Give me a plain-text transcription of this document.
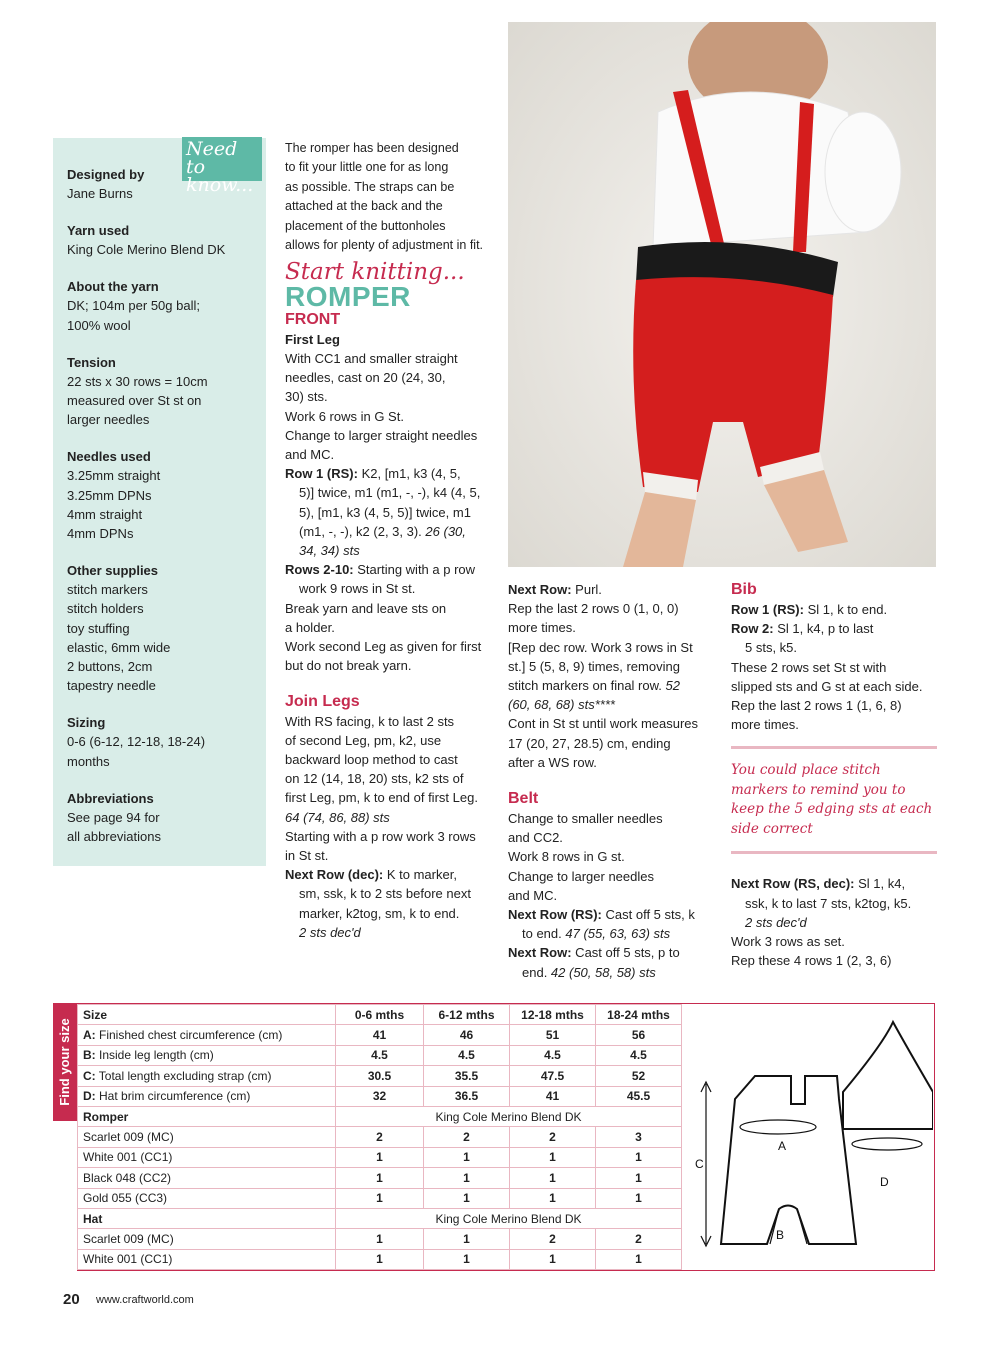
Designed by
Jane Burns
Yarn used
King Cole Merino Blend DK
About the yarn
DK; 104m per 50g ball;
100% wool
Tension
22 sts x 30 rows = 10cm
measured over St st on
larger needles
Needles used
3.25mm straight
3.25mm DPNs
4mm straight
4mm DPNs
Other supplies
stitch markers
stitch holders
toy stuffing
elastic, 6mm wide
2 buttons, 2cm
tapestry needle
Sizing
0-6 (6-12, 12-18, 18-24)
months
Abbreviations
See page 94 for
all abbreviations
Need to
know...
The romper has been designed
to fit your little one for as long
as possible. The straps can be
attached at the back and the
placement of the buttonholes
allows for plenty of adjustment in fit.
Start knitting...
ROMPER
FRONT
First Leg
With CC1 and smaller straight
needles, cast on 20 (24, 30,
30) sts.
Work 6 rows in G St.
Change to larger straight needles
and MC.
Row 1 (RS): K2, [m1, k3 (4, 5,
5)] twice, m1 (m1, -, -), k4 (4, 5,
5), [m1, k3 (4, 5, 5)] twice, m1
(m1, -, -), k2 (2, 3, 3). 26 (30,
34, 34) sts
Rows 2-10: Starting with a p row
work 9 rows in St st.
Break yarn and leave sts on
a holder.
Work second Leg as given for first
but do not break yarn.
Join Legs
With RS facing, k to last 2 sts
of second Leg, pm, k2, use
backward loop method to cast
on 12 (14, 18, 20) sts, k2 sts of
first Leg, pm, k to end of first Leg.
64 (74, 86, 88) sts
Starting with a p row work 3 rows
in St st.
Next Row (dec): K to marker,
sm, ssk, k to 2 sts before next
marker, k2tog, sm, k to end.
2 sts dec'd
Next Row: Purl.
Rep the last 2 rows 0 (1, 0, 0)
more times.
[Rep dec row. Work 3 rows in St
st.] 5 (5, 8, 9) times, removing
stitch markers on final row. 52
(60, 68, 68) sts****
Cont in St st until work measures
17 (20, 27, 28.5) cm, ending
after a WS row.
Belt
Change to smaller needles
and CC2.
Work 8 rows in G st.
Change to larger needles
and MC.
Next Row (RS): Cast off 5 sts, k
to end. 47 (55, 63, 63) sts
Next Row: Cast off 5 sts, p to
end. 42 (50, 58, 58) sts
Bib
Row 1 (RS): Sl 1, k to end.
Row 2: Sl 1, k4, p to last
5 sts, k5.
These 2 rows set St st with
slipped sts and G st at each side.
Rep the last 2 rows 1 (1, 6, 8)
more times.
You could place stitch
markers to remind you to
keep the 5 edging sts at each
side correct
Next Row (RS, dec): Sl 1, k4,
ssk, k to last 7 sts, k2tog, k5.
2 sts dec'd
Work 3 rows as set.
Rep these 4 rows 1 (2, 3, 6)
Find your size
Size	0-6 mths	6-12 mths	12-18 mths	18-24 mths
A: Finished chest circumference (cm)	41	46	51	56
B: Inside leg length (cm)	4.5	4.5	4.5	4.5
C: Total length excluding strap (cm)	30.5	35.5	47.5	52
D: Hat brim circumference (cm)	32	36.5	41	45.5
Romper	King Cole Merino Blend DK			
Scarlet 009 (MC)	2	2	2	3
White 001 (CC1)	1	1	1	1
Black 048 (CC2)	1	1	1	1
Gold 055 (CC3)	1	1	1	1
Hat	King Cole Merino Blend DK			
Scarlet 009 (MC)	1	1	2	2
White 001 (CC1)	1	1	1	1
A
D
C
B
20 www.craftworld.com
